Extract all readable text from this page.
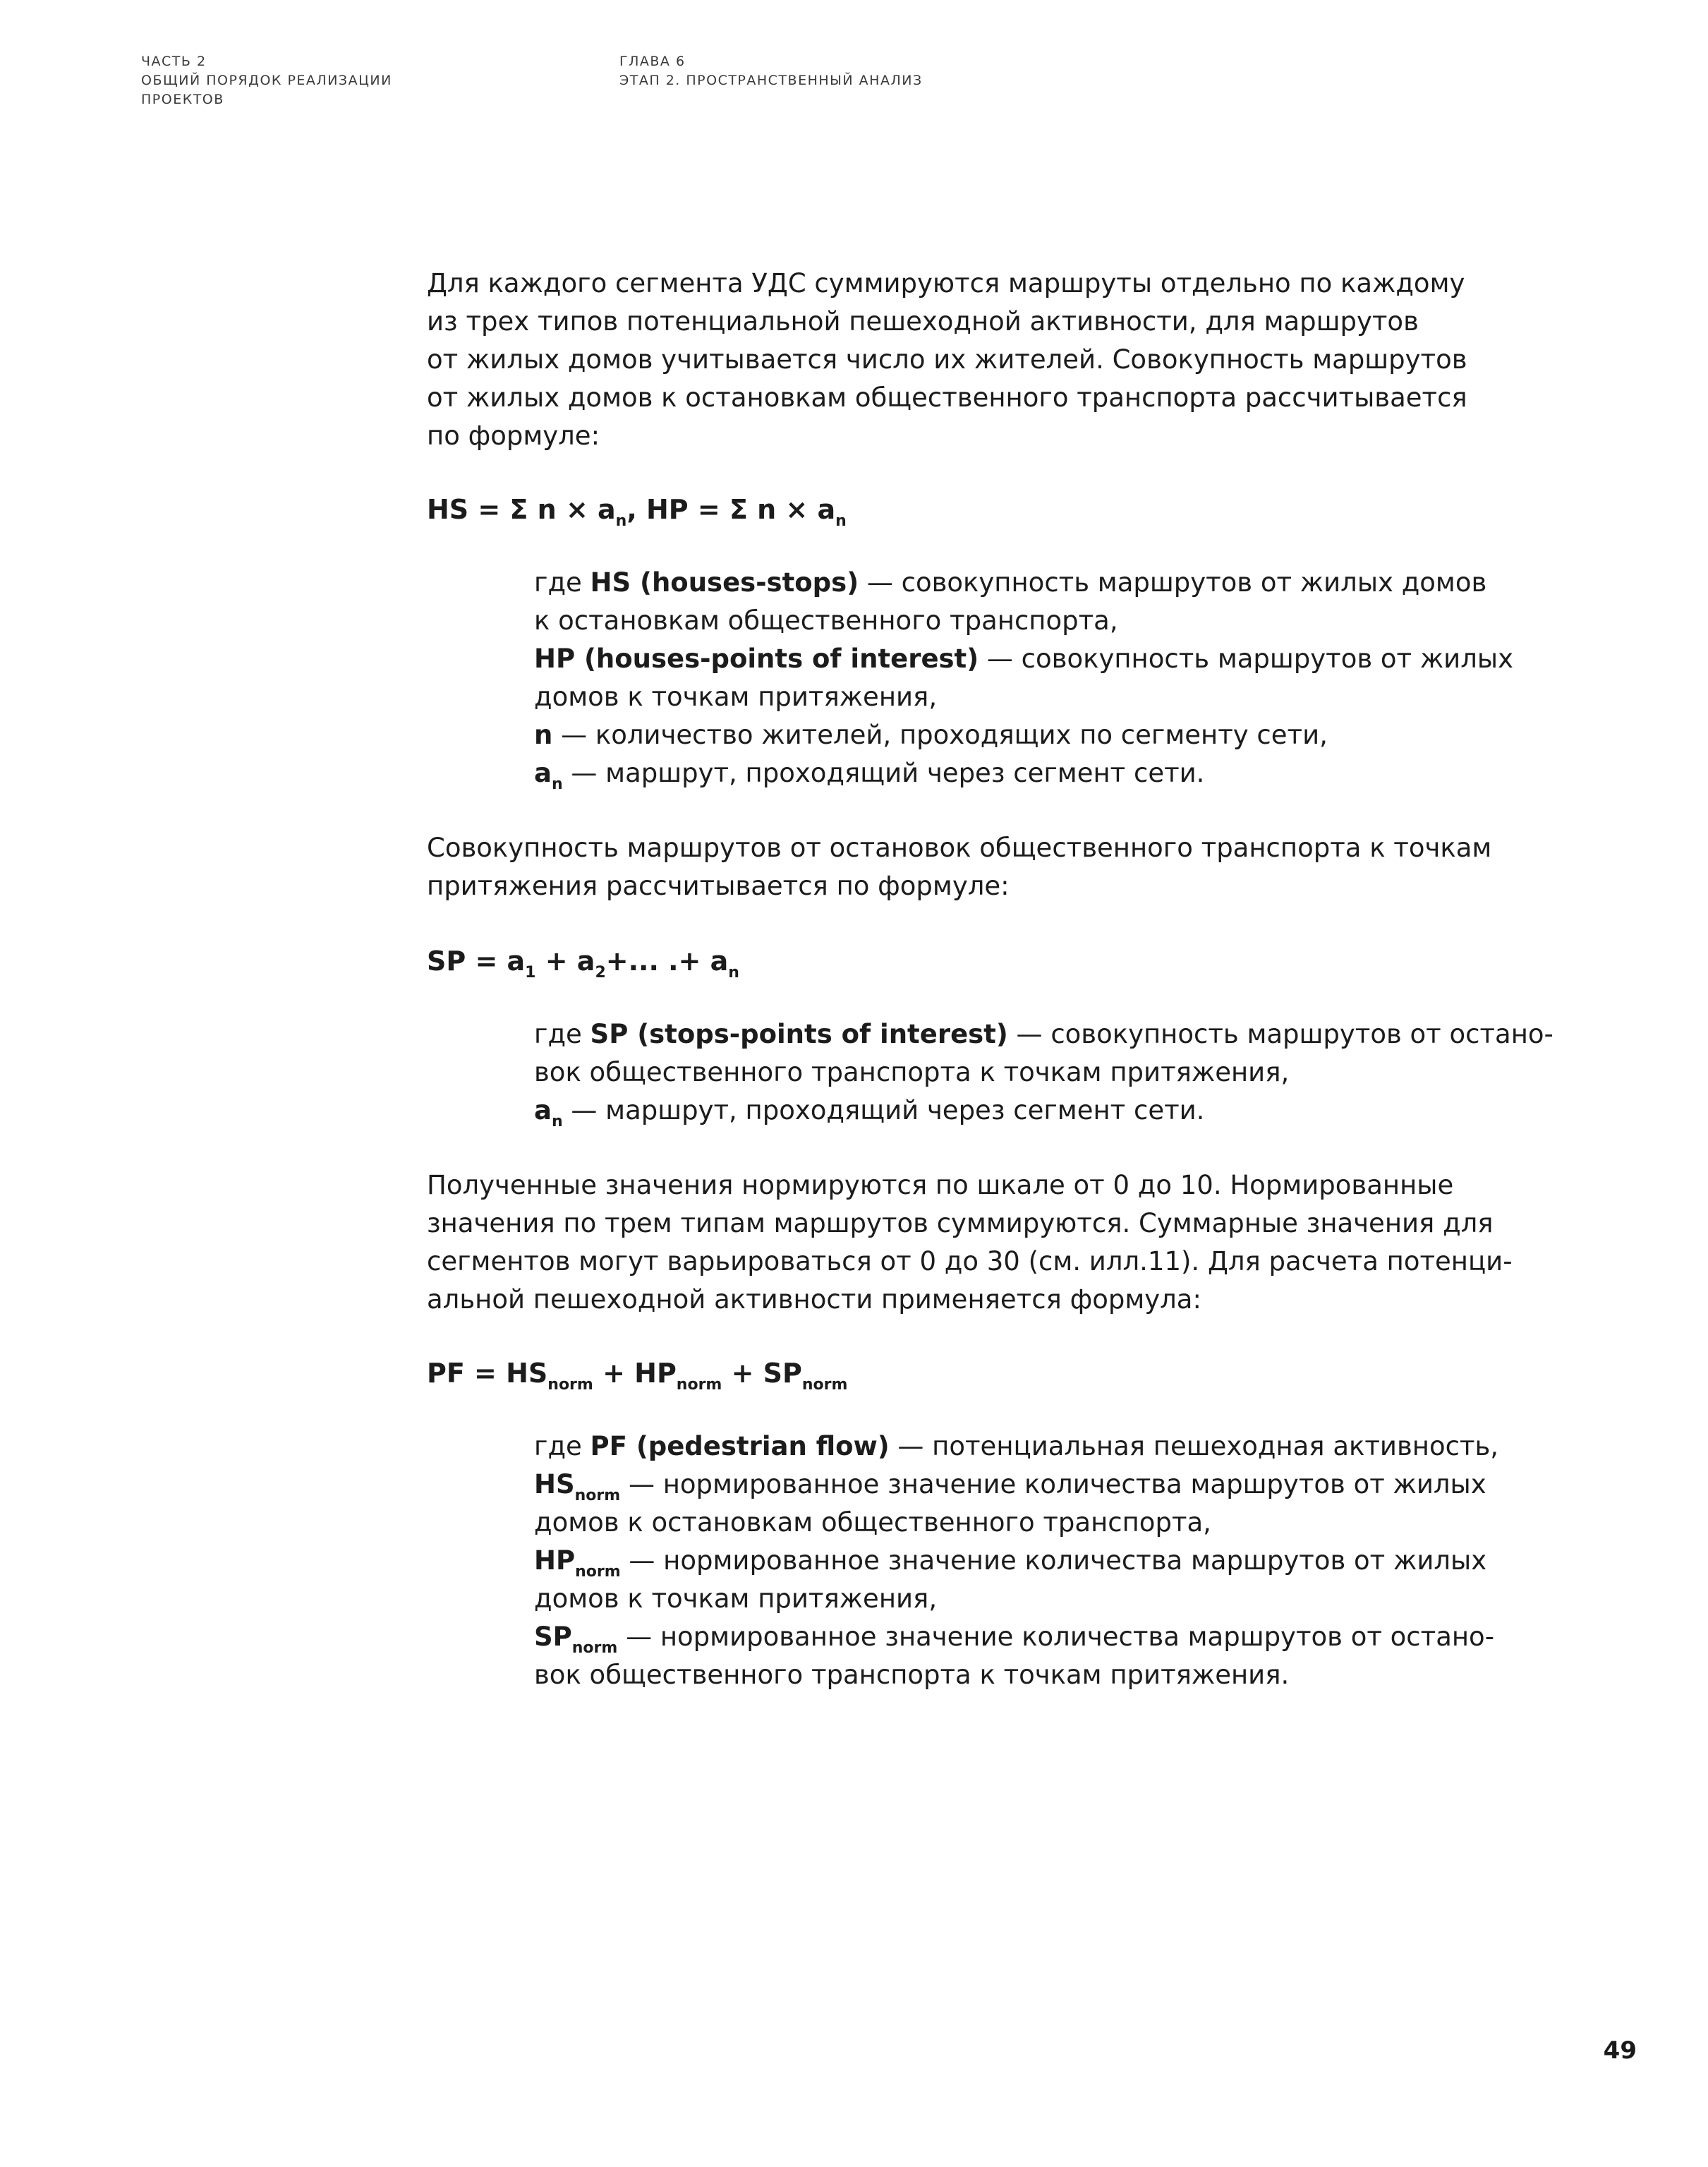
ЧАСТЬ 2
ОБЩИЙ ПОРЯДОК РЕАЛИЗАЦИИ
ПРОЕКТОВ
ГЛАВА 6
ЭТАП 2. ПРОСТРАНСТВЕННЫЙ АНАЛИЗ

Для каждого сегмента УДС суммируются маршруты отдельно по каждому
из трех типов потенциальной пешеходной активности, для маршрутов
от жилых домов учитывается число их жителей. Совокупность маршрутов
от жилых домов к остановкам общественного транспорта рассчитывается
по формуле:

HS = Σ $n \times a_n$, HP = Σ $n \times a_n$
где HS (houses-stops) — совокупность маршрутов от жилых домов
к остановкам общественного транспорта,
HP (houses-points of interest) — совокупность маршрутов от жилых
домов к точкам притяжения,
n — количество жителей, проходящих по сегменту сети,
$a_n$ — маршрут, проходящий через сегмент сети.

Совокупность маршрутов от остановок общественного транспорта к точкам
притяжения рассчитывается по формуле:

SP = $a_1 + a_2+$... .+ $a_n$
где SP (stops-points of interest) — совокупность маршрутов от остано-
вок общественного транспорта к точкам притяжения,
$a_n$ — маршрут, проходящий через сегмент сети.

Полученные значения нормируются по шкале от 0 до 10. Нормированные
значения по трем типам маршрутов суммируются. Суммарные значения для
сегментов могут варьироваться от 0 до 30 (см. илл.11). Для расчета потенци-
альной пешеходной активности применяется формула:

PF = $HS_{norm} + HP_{norm} + SP_{norm}$
где PF (pedestrian flow) — потенциальная пешеходная активность,
$HS_{norm}$ — нормированное значение количества маршрутов от жилых
домов к остановкам общественного транспорта,
$HP_{norm}$ — нормированное значение количества маршрутов от жилых
домов к точкам притяжения,
$SP_{norm}$ — нормированное значение количества маршрутов от остано-
вок общественного транспорта к точкам притяжения.
49
